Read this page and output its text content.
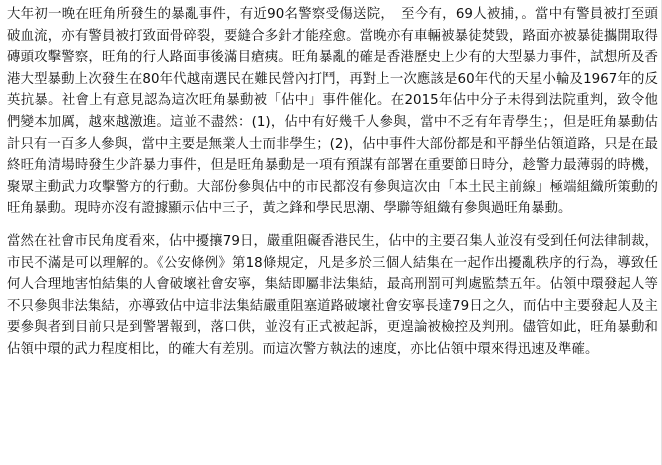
大年初一晚在旺角所發生的暴亂事件，有近90名警察受傷送院，　至今有，69人被捕，。當中有警員被打至頭破血流，亦有警員被打致面骨碎裂，要縫合多針才能痊愈。當晚亦有車輛被暴徒焚毀，路面亦被暴徒攜開取得磚頭攻擊警察，旺角的行人路面事後滿目瘡痍。旺角暴亂的確是香港歷史上少有的大型暴力事件，試想所及香港大型暴動上次發生在80年代越南選民在難民營內打鬥，再對上一次應該是60年代的天星小輪及1967年的反英抗暴。社會上有意見認為這次旺角暴動被「佔中」事件催化。在2015年佔中分子未得到法院重判，致令他們變本加厲，越來越激進。這並不盡然：(1)，佔中有好幾千人參與，當中不乏有年青學生；，但是旺角暴動估計只有一百多人參與，當中主要是無業人士而非學生；(2)，佔中事件大部份都是和平靜坐佔領道路，只是在最終旺角清場時發生少許暴力事件，但是旺角暴動是一項有預謀有部署在重要節日時分，趁警力最薄弱的時機，聚眾主動武力攻擊警方的行動。大部份參與佔中的市民都沒有參與這次由「本土民主前線」極端組織所策動的旺角暴動。現時亦沒有證據顯示佔中三子，黃之鋒和學民思潮、學聯等組織有參與過旺角暴動。

當然在社會市民角度看來，佔中擾攘79日，嚴重阻礙香港民生，佔中的主要召集人並沒有受到任何法律制裁，市民不滿是可以理解的。《公安條例》第18條規定，凡是多於三個人結集在一起作出擾亂秩序的行為，導致任何人合理地害怕結集的人會破壞社會安寧，集結即屬非法集結，最高刑罰可判處監禁五年。佔領中環發起人等不只參與非法集結，亦導致佔中這非法集結嚴重阻塞道路破壞社會安寧長達79日之久，而佔中主要發起人及主要參與者到目前只是到警署報到，落口供，並沒有正式被起訴，更遑論被檢控及判刑。儘管如此，旺角暴動和佔領中環的武力程度相比，的確大有差別。而這次警方執法的速度，亦比佔領中環來得迅速及準確。
